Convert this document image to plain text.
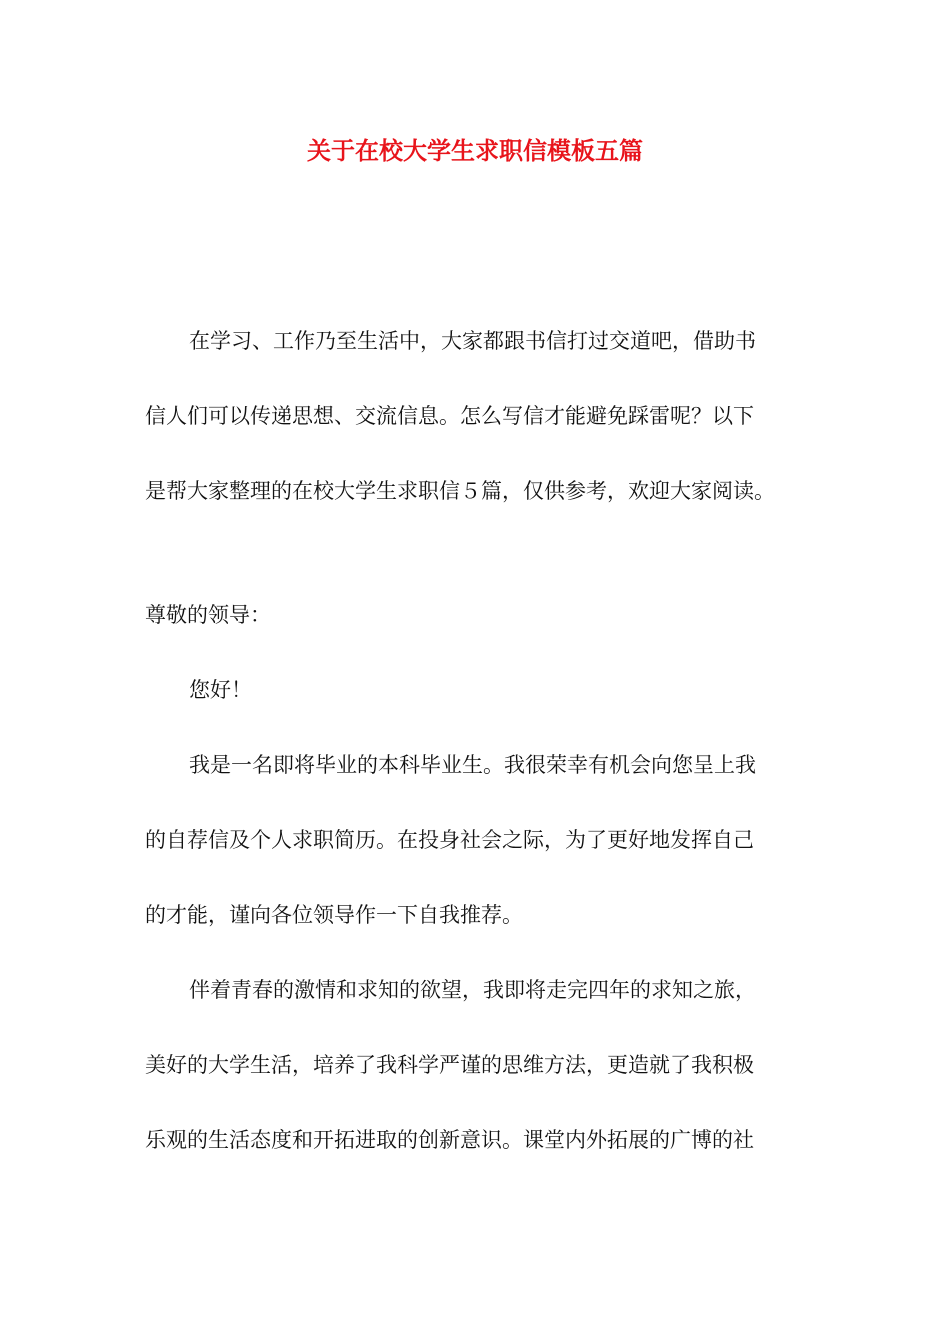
关于在校大学生求职信模板五篇
在学习、工作乃至生活中，大家都跟书信打过交道吧，借助书
信人们可以传递思想、交流信息。怎么写信才能避免踩雷呢？以下
是帮大家整理的在校大学生求职信５篇，仅供参考，欢迎大家阅读。
尊敬的领导：
您好！
我是一名即将毕业的本科毕业生。我很荣幸有机会向您呈上我
的自荐信及个人求职简历。在投身社会之际，为了更好地发挥自己
的才能，谨向各位领导作一下自我推荐。
伴着青春的激情和求知的欲望，我即将走完四年的求知之旅，
美好的大学生活，培养了我科学严谨的思维方法，更造就了我积极
乐观的生活态度和开拓进取的创新意识。课堂内外拓展的广博的社
